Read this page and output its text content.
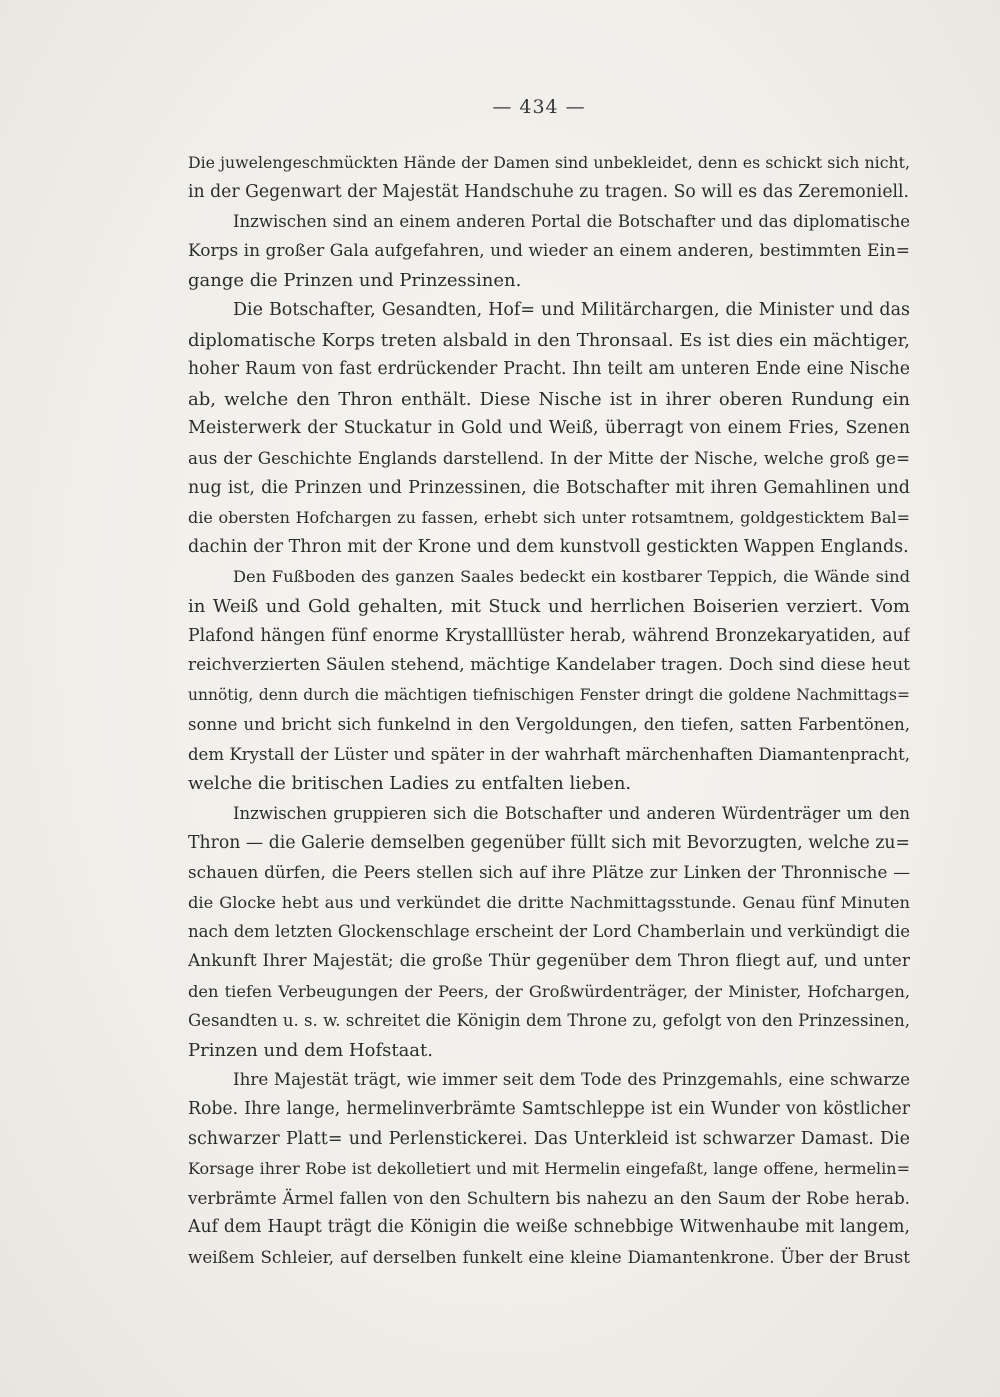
— 434 —
Die juwelengeschmückten Hände der Damen sind unbekleidet, denn es schickt sich nicht,
in der Gegenwart der Majestät Handschuhe zu tragen. So will es das Zeremoniell.
Inzwischen sind an einem anderen Portal die Botschafter und das diplomatische
Korps in großer Gala aufgefahren, und wieder an einem anderen, bestimmten Ein=
gange die Prinzen und Prinzessinen.
Die Botschafter, Gesandten, Hof= und Militärchargen, die Minister und das
diplomatische Korps treten alsbald in den Thronsaal. Es ist dies ein mächtiger,
hoher Raum von fast erdrückender Pracht. Ihn teilt am unteren Ende eine Nische
ab, welche den Thron enthält. Diese Nische ist in ihrer oberen Rundung ein
Meisterwerk der Stuckatur in Gold und Weiß, überragt von einem Fries, Szenen
aus der Geschichte Englands darstellend. In der Mitte der Nische, welche groß ge=
nug ist, die Prinzen und Prinzessinen, die Botschafter mit ihren Gemahlinen und
die obersten Hofchargen zu fassen, erhebt sich unter rotsamtnem, goldgesticktem Bal=
dachin der Thron mit der Krone und dem kunstvoll gestickten Wappen Englands.
Den Fußboden des ganzen Saales bedeckt ein kostbarer Teppich, die Wände sind
in Weiß und Gold gehalten, mit Stuck und herrlichen Boiserien verziert. Vom
Plafond hängen fünf enorme Krystalllüster herab, während Bronzekaryatiden, auf
reichverzierten Säulen stehend, mächtige Kandelaber tragen. Doch sind diese heut
unnötig, denn durch die mächtigen tiefnischigen Fenster dringt die goldene Nachmittags=
sonne und bricht sich funkelnd in den Vergoldungen, den tiefen, satten Farbentönen,
dem Krystall der Lüster und später in der wahrhaft märchenhaften Diamantenpracht,
welche die britischen Ladies zu entfalten lieben.
Inzwischen gruppieren sich die Botschafter und anderen Würdenträger um den
Thron — die Galerie demselben gegenüber füllt sich mit Bevorzugten, welche zu=
schauen dürfen, die Peers stellen sich auf ihre Plätze zur Linken der Thronnische —
die Glocke hebt aus und verkündet die dritte Nachmittagsstunde. Genau fünf Minuten
nach dem letzten Glockenschlage erscheint der Lord Chamberlain und verkündigt die
Ankunft Ihrer Majestät; die große Thür gegenüber dem Thron fliegt auf, und unter
den tiefen Verbeugungen der Peers, der Großwürdenträger, der Minister, Hofchargen,
Gesandten u. s. w. schreitet die Königin dem Throne zu, gefolgt von den Prinzessinen,
Prinzen und dem Hofstaat.
Ihre Majestät trägt, wie immer seit dem Tode des Prinzgemahls, eine schwarze
Robe. Ihre lange, hermelinverbrämte Samtschleppe ist ein Wunder von köstlicher
schwarzer Platt= und Perlenstickerei. Das Unterkleid ist schwarzer Damast. Die
Korsage ihrer Robe ist dekolletiert und mit Hermelin eingefaßt, lange offene, hermelin=
verbrämte Ärmel fallen von den Schultern bis nahezu an den Saum der Robe herab.
Auf dem Haupt trägt die Königin die weiße schnebbige Witwenhaube mit langem,
weißem Schleier, auf derselben funkelt eine kleine Diamantenkrone. Über der Brust
